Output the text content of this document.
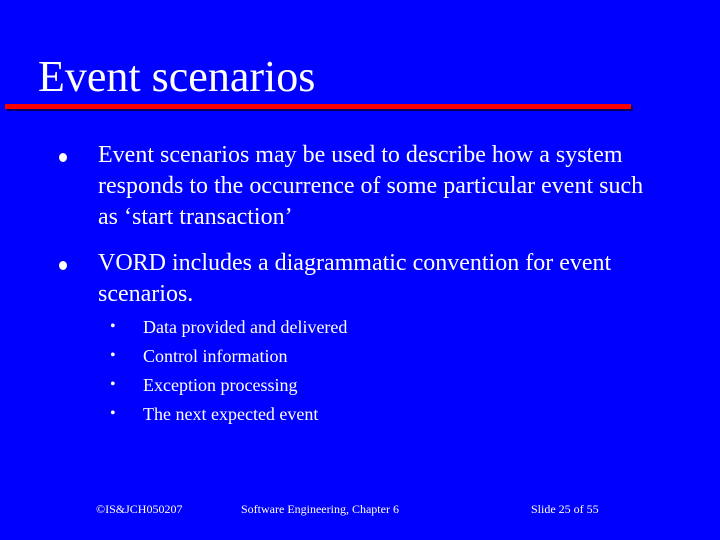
Event scenarios
Event scenarios may be used to describe how a system responds to the occurrence of some particular event such as ‘start transaction’
VORD includes a diagrammatic convention for event scenarios.
• Data provided and delivered
• Control information
• Exception processing
• The next expected event
©IS&JCH050207	Software Engineering, Chapter 6	Slide 25 of 55
